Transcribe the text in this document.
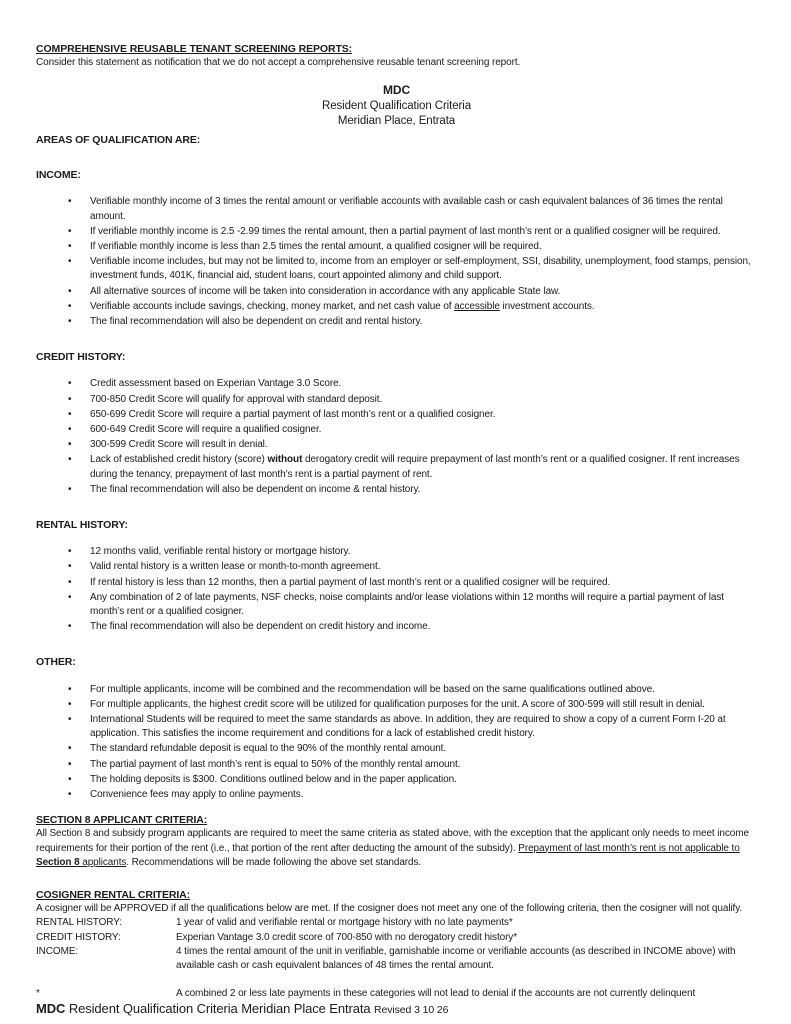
COMPREHENSIVE REUSABLE TENANT SCREENING REPORTS:
Consider this statement as notification that we do not accept a comprehensive reusable tenant screening report.
MDC
Resident Qualification Criteria
Meridian Place, Entrata
AREAS OF QUALIFICATION ARE:
INCOME:
• Verifiable monthly income of 3 times the rental amount or verifiable accounts with available cash or cash equivalent balances of 36 times the rental amount.
• If verifiable monthly income is 2.5 -2.99 times the rental amount, then a partial payment of last month’s rent or a qualified cosigner will be required.
• If verifiable monthly income is less than 2.5 times the rental amount, a qualified cosigner will be required.
• Verifiable income includes, but may not be limited to, income from an employer or self-employment, SSI, disability, unemployment, food stamps, pension, investment funds, 401K, financial aid, student loans, court appointed alimony and child support.
• All alternative sources of income will be taken into consideration in accordance with any applicable State law.
• Verifiable accounts include savings, checking, money market, and net cash value of accessible investment accounts.
• The final recommendation will also be dependent on credit and rental history.
CREDIT HISTORY:
• Credit assessment based on Experian Vantage 3.0 Score.
• 700-850 Credit Score will qualify for approval with standard deposit.
• 650-699 Credit Score will require a partial payment of last month’s rent or a qualified cosigner.
• 600-649 Credit Score will require a qualified cosigner.
• 300-599 Credit Score will result in denial.
• Lack of established credit history (score) without derogatory credit will require prepayment of last month’s rent or a qualified cosigner. If rent increases during the tenancy, prepayment of last month’s rent is a partial payment of rent.
• The final recommendation will also be dependent on income & rental history.
RENTAL HISTORY:
• 12 months valid, verifiable rental history or mortgage history.
• Valid rental history is a written lease or month-to-month agreement.
• If rental history is less than 12 months, then a partial payment of last month’s rent or a qualified cosigner will be required.
• Any combination of 2 of late payments, NSF checks, noise complaints and/or lease violations within 12 months will require a partial payment of last month’s rent or a qualified cosigner.
• The final recommendation will also be dependent on credit history and income.
OTHER:
• For multiple applicants, income will be combined and the recommendation will be based on the same qualifications outlined above.
• For multiple applicants, the highest credit score will be utilized for qualification purposes for the unit. A score of 300-599 will still result in denial.
• International Students will be required to meet the same standards as above. In addition, they are required to show a copy of a current Form I-20 at application. This satisfies the income requirement and conditions for a lack of established credit history.
• The standard refundable deposit is equal to the 90% of the monthly rental amount.
• The partial payment of last month’s rent is equal to 50% of the monthly rental amount.
• The holding deposits is $300. Conditions outlined below and in the paper application.
• Convenience fees may apply to online payments.
SECTION 8 APPLICANT CRITERIA:
All Section 8 and subsidy program applicants are required to meet the same criteria as stated above, with the exception that the applicant only needs to meet income requirements for their portion of the rent (i.e., that portion of the rent after deducting the amount of the subsidy). Prepayment of last month’s rent is not applicable to Section 8 applicants. Recommendations will be made following the above set standards.
COSIGNER RENTAL CRITERIA:
A cosigner will be APPROVED if all the qualifications below are met. If the cosigner does not meet any one of the following criteria, then the cosigner will not qualify.
RENTAL HISTORY:	1 year of valid and verifiable rental or mortgage history with no late payments*
CREDIT HISTORY:	Experian Vantage 3.0 credit score of 700-850 with no derogatory credit history*
INCOME:	4 times the rental amount of the unit in verifiable, garnishable income or verifiable accounts (as described in INCOME above) with available cash or cash equivalent balances of 48 times the rental amount.
*	A combined 2 or less late payments in these categories will not lead to denial if the accounts are not currently delinquent
MDC Resident Qualification Criteria Meridian Place Entrata Revised 3 10 26
